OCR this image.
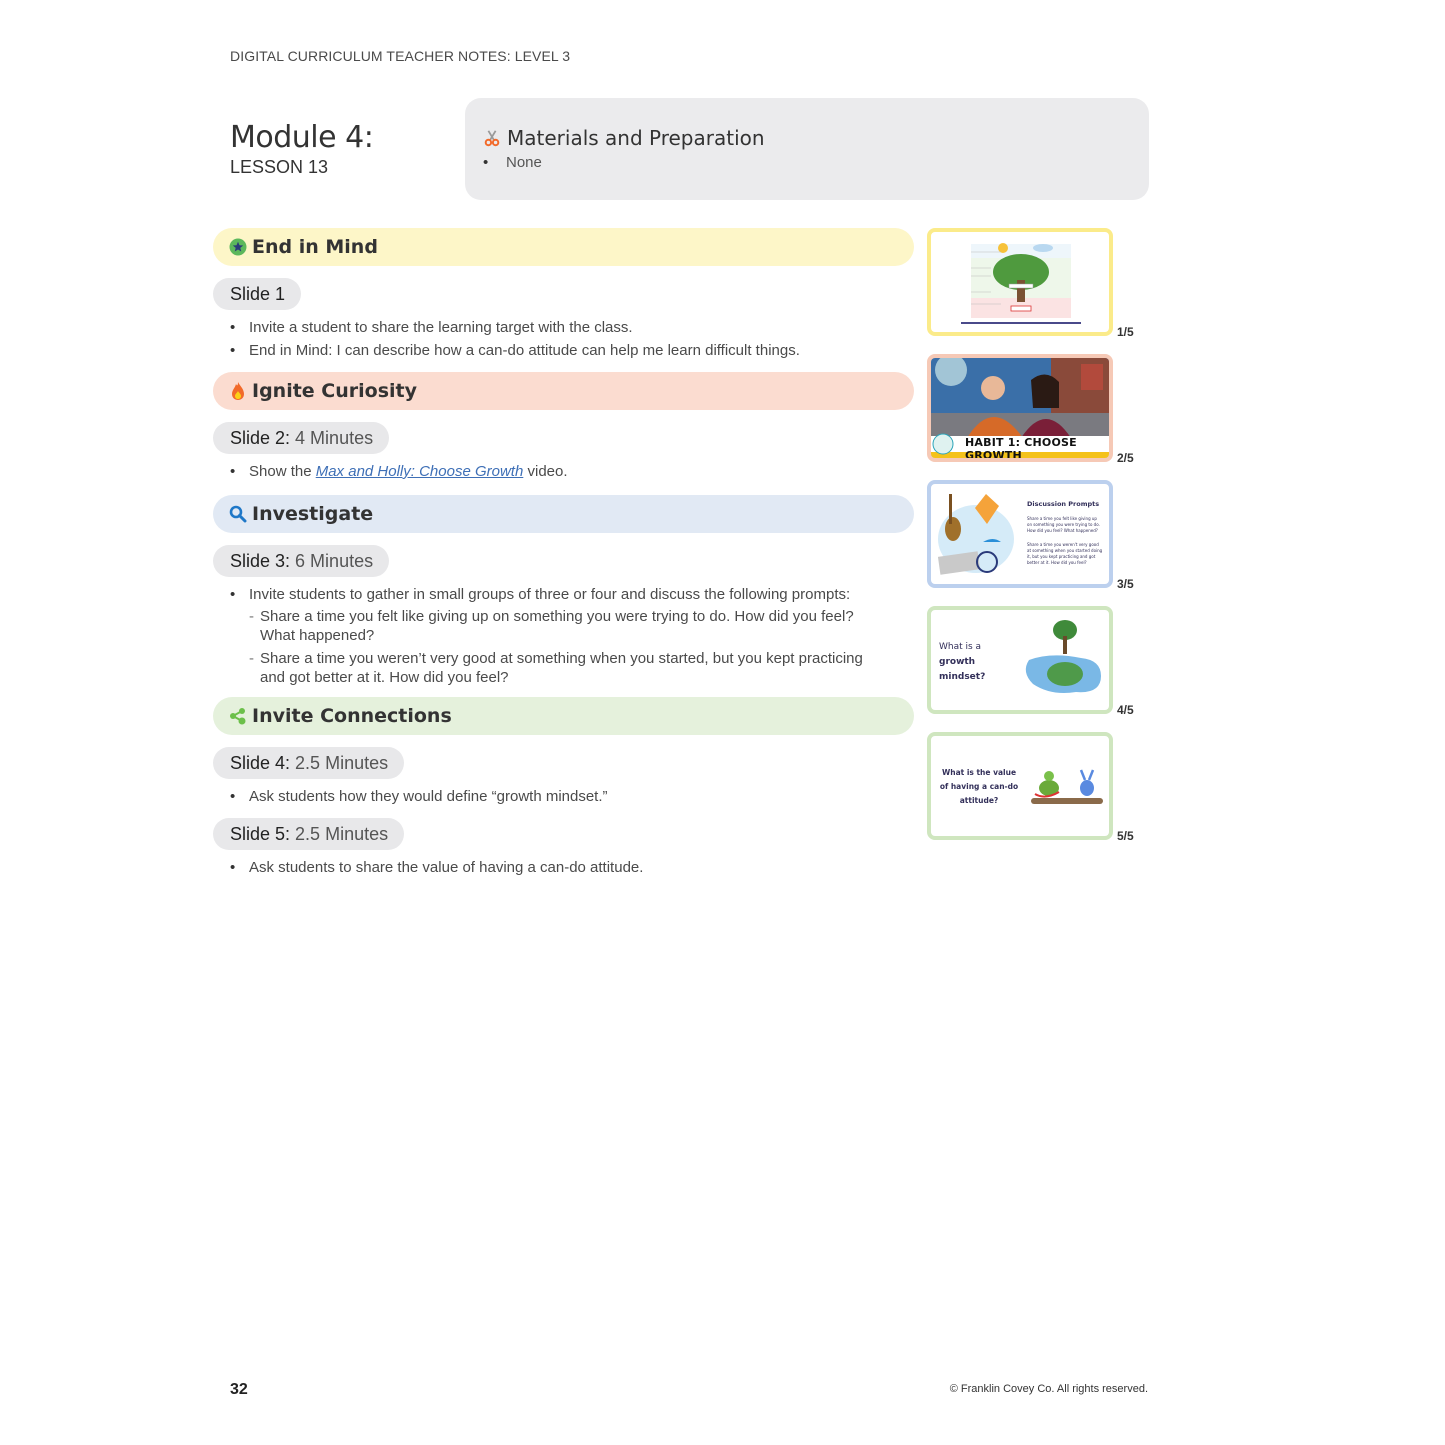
DIGITAL CURRICULUM TEACHER NOTES: LEVEL 3
Module 4:
LESSON 13
Materials and Preparation
• None
End in Mind
Slide 1
• Invite a student to share the learning target with the class.
• End in Mind: I can describe how a can-do attitude can help me learn difficult things.
Ignite Curiosity
Slide 2: 4 Minutes
• Show the Max and Holly: Choose Growth video.
Investigate
Slide 3: 6 Minutes
• Invite students to gather in small groups of three or four and discuss the following prompts:
- Share a time you felt like giving up on something you were trying to do. How did you feel? What happened?
- Share a time you weren’t very good at something when you started, but you kept practicing and got better at it. How did you feel?
Invite Connections
Slide 4: 2.5 Minutes
• Ask students how they would define “growth mindset.”
Slide 5: 2.5 Minutes
• Ask students to share the value of having a can-do attitude.
1/5
HABIT 1: CHOOSE GROWTH	2/5
Discussion Prompts
Share a time you felt like giving up on something you were trying to do. How did you feel? What happened?
Share a time you weren't very good at something when you started doing it, but you kept practicing and got better at it. How did you feel?
3/5
What is a
growth
mindset?
4/5
What is the value
of having a can-do
attitude?
5/5
32	© Franklin Covey Co. All rights reserved.
